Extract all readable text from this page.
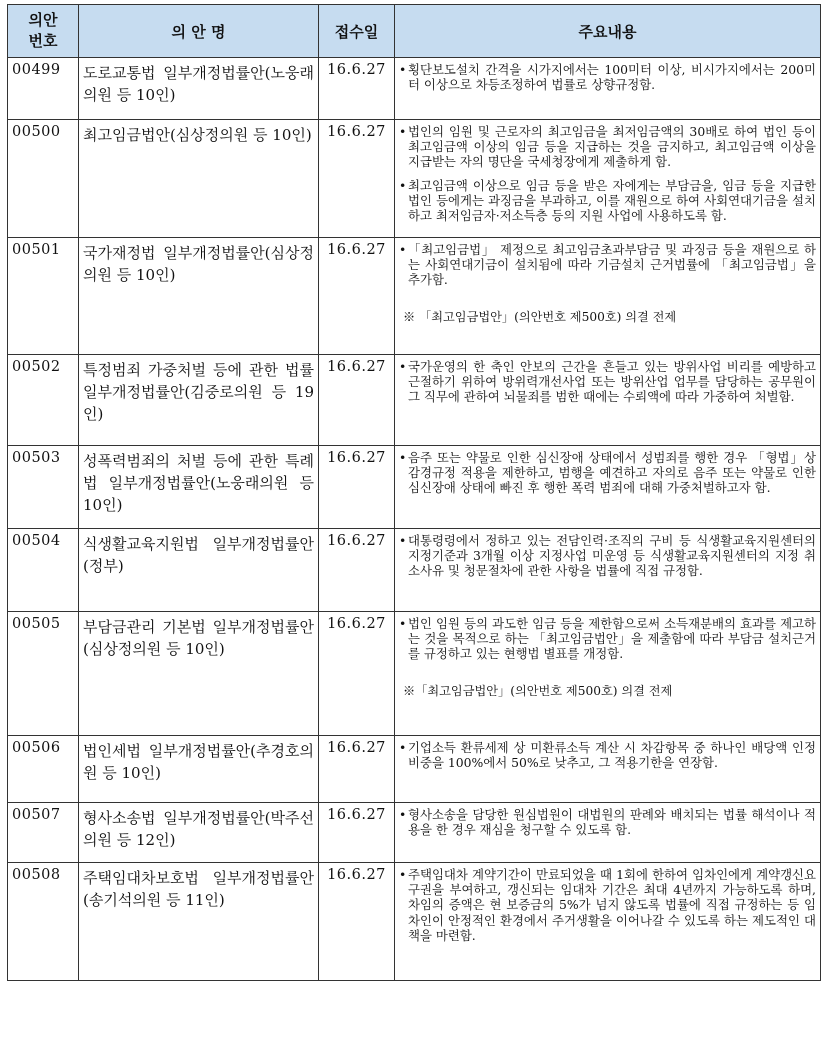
의안
번호	의 안 명	접수일	주요내용
00499	도로교통법 일부개정법률안(노웅래의원 등 10인)	16.6.27	• 횡단보도설치 간격을 시가지에서는 100미터 이상, 비시가지에서는 200미터 이상으로 차등조정하여 법률로 상향규정함.

00500	최고임금법안(심상정의원 등 10인)	16.6.27	• 법인의 임원 및 근로자의 최고임금을 최저임금액의 30배로 하여 법인 등이 최고임금액 이상의 임금 등을 지급하는 것을 금지하고, 최고임금액 이상을 지급받는 자의 명단을 국세청장에게 제출하게 함.
• 최고임금액 이상으로 임금 등을 받은 자에게는 부담금을, 임금 등을 지급한 법인 등에게는 과징금을 부과하고, 이를 재원으로 하여 사회연대기금을 설치하고 최저임금자·저소득층 등의 지원 사업에 사용하도록 함.

00501	국가재정법 일부개정법률안(심상정의원 등 10인)	16.6.27	• 「최고임금법」 제정으로 최고임금초과부담금 및 과징금 등을 재원으로 하는 사회연대기금이 설치됨에 따라 기금설치 근거법률에 「최고임금법」을 추가함.
※ 「최고임금법안」(의안번호 제500호) 의결 전제

00502	특정범죄 가중처벌 등에 관한 법률 일부개정법률안(김중로의원 등 19인)	16.6.27	• 국가운영의 한 축인 안보의 근간을 흔들고 있는 방위사업 비리를 예방하고 근절하기 위하여 방위력개선사업 또는 방위산업 업무를 담당하는 공무원이 그 직무에 관하여 뇌물죄를 범한 때에는 수뢰액에 따라 가중하여 처벌함.

00503	성폭력범죄의 처벌 등에 관한 특례법 일부개정법률안(노웅래의원 등 10인)	16.6.27	• 음주 또는 약물로 인한 심신장애 상태에서 성범죄를 행한 경우 「형법」상 감경규정 적용을 제한하고, 범행을 예견하고 자의로 음주 또는 약물로 인한 심신장애 상태에 빠진 후 행한 폭력 범죄에 대해 가중처벌하고자 함.

00504	식생활교육지원법 일부개정법률안(정부)	16.6.27	• 대통령령에서 정하고 있는 전담인력·조직의 구비 등 식생활교육지원센터의 지정기준과 3개월 이상 지정사업 미운영 등 식생활교육지원센터의 지정 취소사유 및 청문절차에 관한 사항을 법률에 직접 규정함.

00505	부담금관리 기본법 일부개정법률안(심상정의원 등 10인)	16.6.27	• 법인 임원 등의 과도한 임금 등을 제한함으로써 소득재분배의 효과를 제고하는 것을 목적으로 하는 「최고임금법안」을 제출함에 따라 부담금 설치근거를 규정하고 있는 현행법 별표를 개정함.
※「최고임금법안」(의안번호 제500호) 의결 전제

00506	법인세법 일부개정법률안(추경호의원 등 10인)	16.6.27	• 기업소득 환류세제 상 미환류소득 계산 시 차감항목 중 하나인 배당액 인정비중을 100%에서 50%로 낮추고, 그 적용기한을 연장함.

00507	형사소송법 일부개정법률안(박주선의원 등 12인)	16.6.27	• 형사소송을 담당한 원심법원이 대법원의 판례와 배치되는 법률 해석이나 적용을 한 경우 재심을 청구할 수 있도록 함.

00508	주택임대차보호법 일부개정법률안(송기석의원 등 11인)	16.6.27	• 주택임대차 계약기간이 만료되었을 때 1회에 한하여 임차인에게 계약갱신요구권을 부여하고, 갱신되는 임대차 기간은 최대 4년까지 가능하도록 하며, 차임의 증액은 현 보증금의 5%가 넘지 않도록 법률에 직접 규정하는 등 임차인이 안정적인 환경에서 주거생활을 이어나갈 수 있도록 하는 제도적인 대책을 마련함.
